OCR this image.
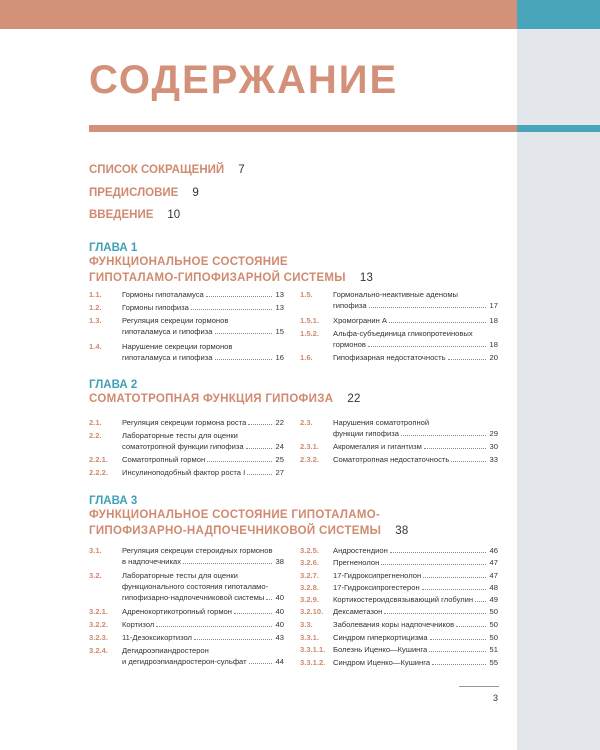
СОДЕРЖАНИЕ
СПИСОК СОКРАЩЕНИЙ 7
ПРЕДИСЛОВИЕ 9
ВВЕДЕНИЕ 10
ГЛАВА 1
ФУНКЦИОНАЛЬНОЕ СОСТОЯНИЕ
ГИПОТАЛАМО-ГИПОФИЗАРНОЙ СИСТЕМЫ 13
1.1.	Гормоны гипоталамуса	13
1.2.	Гормоны гипофиза	13
1.3.	Регуляция секреции гормонов
гипоталамуса и гипофиза	15
1.4.	Нарушение секреции гормонов
гипоталамуса и гипофиза	16
1.5.	Гормонально-неактивные аденомы
гипофиза	17
1.5.1. Хромогранин А	18
1.5.2. Альфа-субъединица гликопротеиновых
гормонов	18
1.6.	Гипофизарная недостаточность	20
ГЛАВА 2
СОМАТОТРОПНАЯ ФУНКЦИЯ ГИПОФИЗА 22
2.1.	Регуляция секреции гормона роста	22
2.2.	Лабораторные тесты для оценки
соматотропной функции гипофиза	24
2.2.1. Соматотропный гормон	25
2.2.2. Инсулиноподобный фактор роста I	27
2.3.	Нарушения соматотропной
функции гипофиза	29
2.3.1. Акромегалия и гигантизм	30
2.3.2. Соматотропная недостаточность	33
ГЛАВА 3
ФУНКЦИОНАЛЬНОЕ СОСТОЯНИЕ ГИПОТАЛАМО-
ГИПОФИЗАРНО-НАДПОЧЕЧНИКОВОЙ СИСТЕМЫ 38
3.1.	Регуляция секреции стероидных гормонов
в надпочечниках	38
3.2.	Лабораторные тесты для оценки
функционального состояния гипоталамо-
гипофизарно-надпочечниковой системы 40
3.2.1. Адренокортикотропный гормон	40
3.2.2. Кортизол	40
3.2.3. 11-Дезоксикортизол	43
3.2.4. Дегидроэпиандростерон
и дегидроэпиандростерон-сульфат	44
3.2.5. Андростендион	46
3.2.6. Прегненолон	47
3.2.7. 17-Гидроксипрегненолон	47
3.2.8. 17-Гидроксипрогестерон	48
3.2.9. Кортикостероидсвязывающий глобулин 49
3.2.10. Дексаметазон	50
3.3.	Заболевания коры надпочечников	50
3.3.1. Синдром гиперкортицизма	50
3.3.1.1. Болезнь Иценко—Кушинга	51
3.3.1.2. Синдром Иценко—Кушинга	55
3
